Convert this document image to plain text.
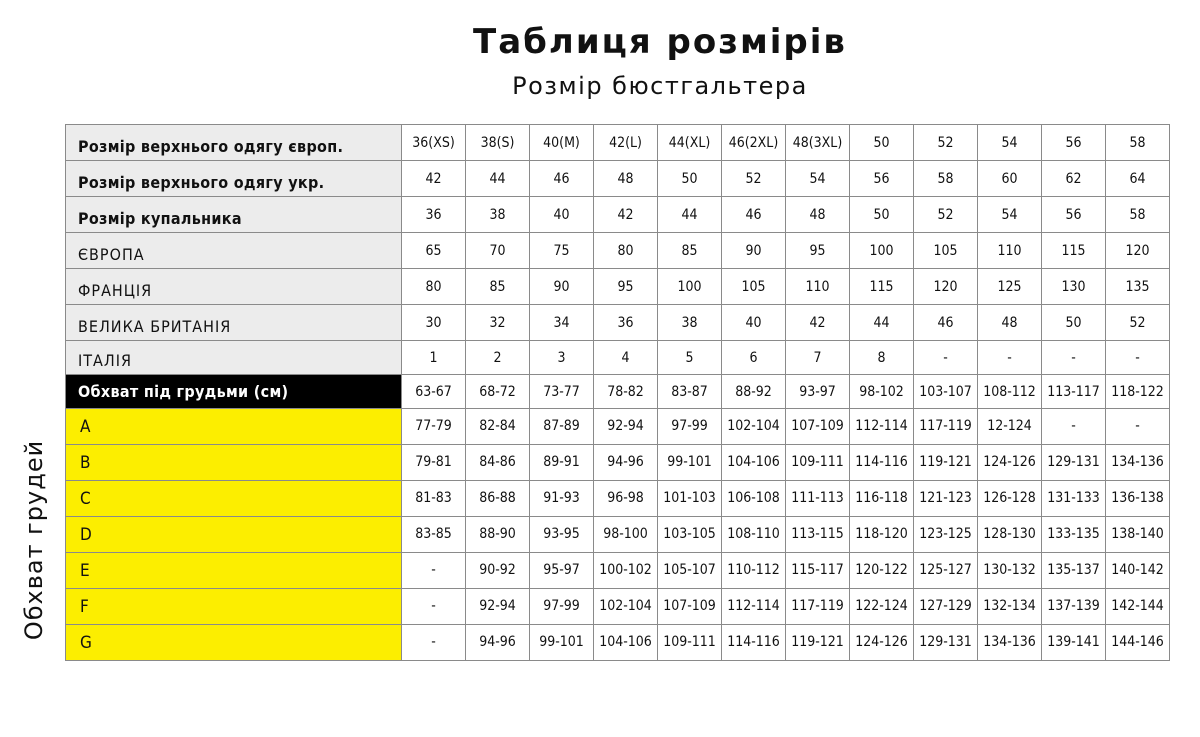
Таблиця розмірів
Розмір бюстгальтера
Обхват грудей
Розмір верхнього одягу європ.	36(XS)	38(S)	40(M)	42(L)	44(XL)	46(2XL)	48(3XL)	50	52	54	56	58
Розмір верхнього одягу укр.	42	44	46	48	50	52	54	56	58	60	62	64
Розмір купальника	36	38	40	42	44	46	48	50	52	54	56	58
ЄВРОПА	65	70	75	80	85	90	95	100	105	110	115	120
ФРАНЦІЯ	80	85	90	95	100	105	110	115	120	125	130	135
ВЕЛИКА БРИТАНІЯ	30	32	34	36	38	40	42	44	46	48	50	52
ІТАЛІЯ	1	2	3	4	5	6	7	8	-	-	-	-
Обхват під грудьми (см)	63-67	68-72	73-77	78-82	83-87	88-92	93-97	98-102	103-107	108-112	113-117	118-122
A	77-79	82-84	87-89	92-94	97-99	102-104	107-109	112-114	117-119	12-124	-	-
B	79-81	84-86	89-91	94-96	99-101	104-106	109-111	114-116	119-121	124-126	129-131	134-136
C	81-83	86-88	91-93	96-98	101-103	106-108	111-113	116-118	121-123	126-128	131-133	136-138
D	83-85	88-90	93-95	98-100	103-105	108-110	113-115	118-120	123-125	128-130	133-135	138-140
E	-	90-92	95-97	100-102	105-107	110-112	115-117	120-122	125-127	130-132	135-137	140-142
F	-	92-94	97-99	102-104	107-109	112-114	117-119	122-124	127-129	132-134	137-139	142-144
G	-	94-96	99-101	104-106	109-111	114-116	119-121	124-126	129-131	134-136	139-141	144-146
